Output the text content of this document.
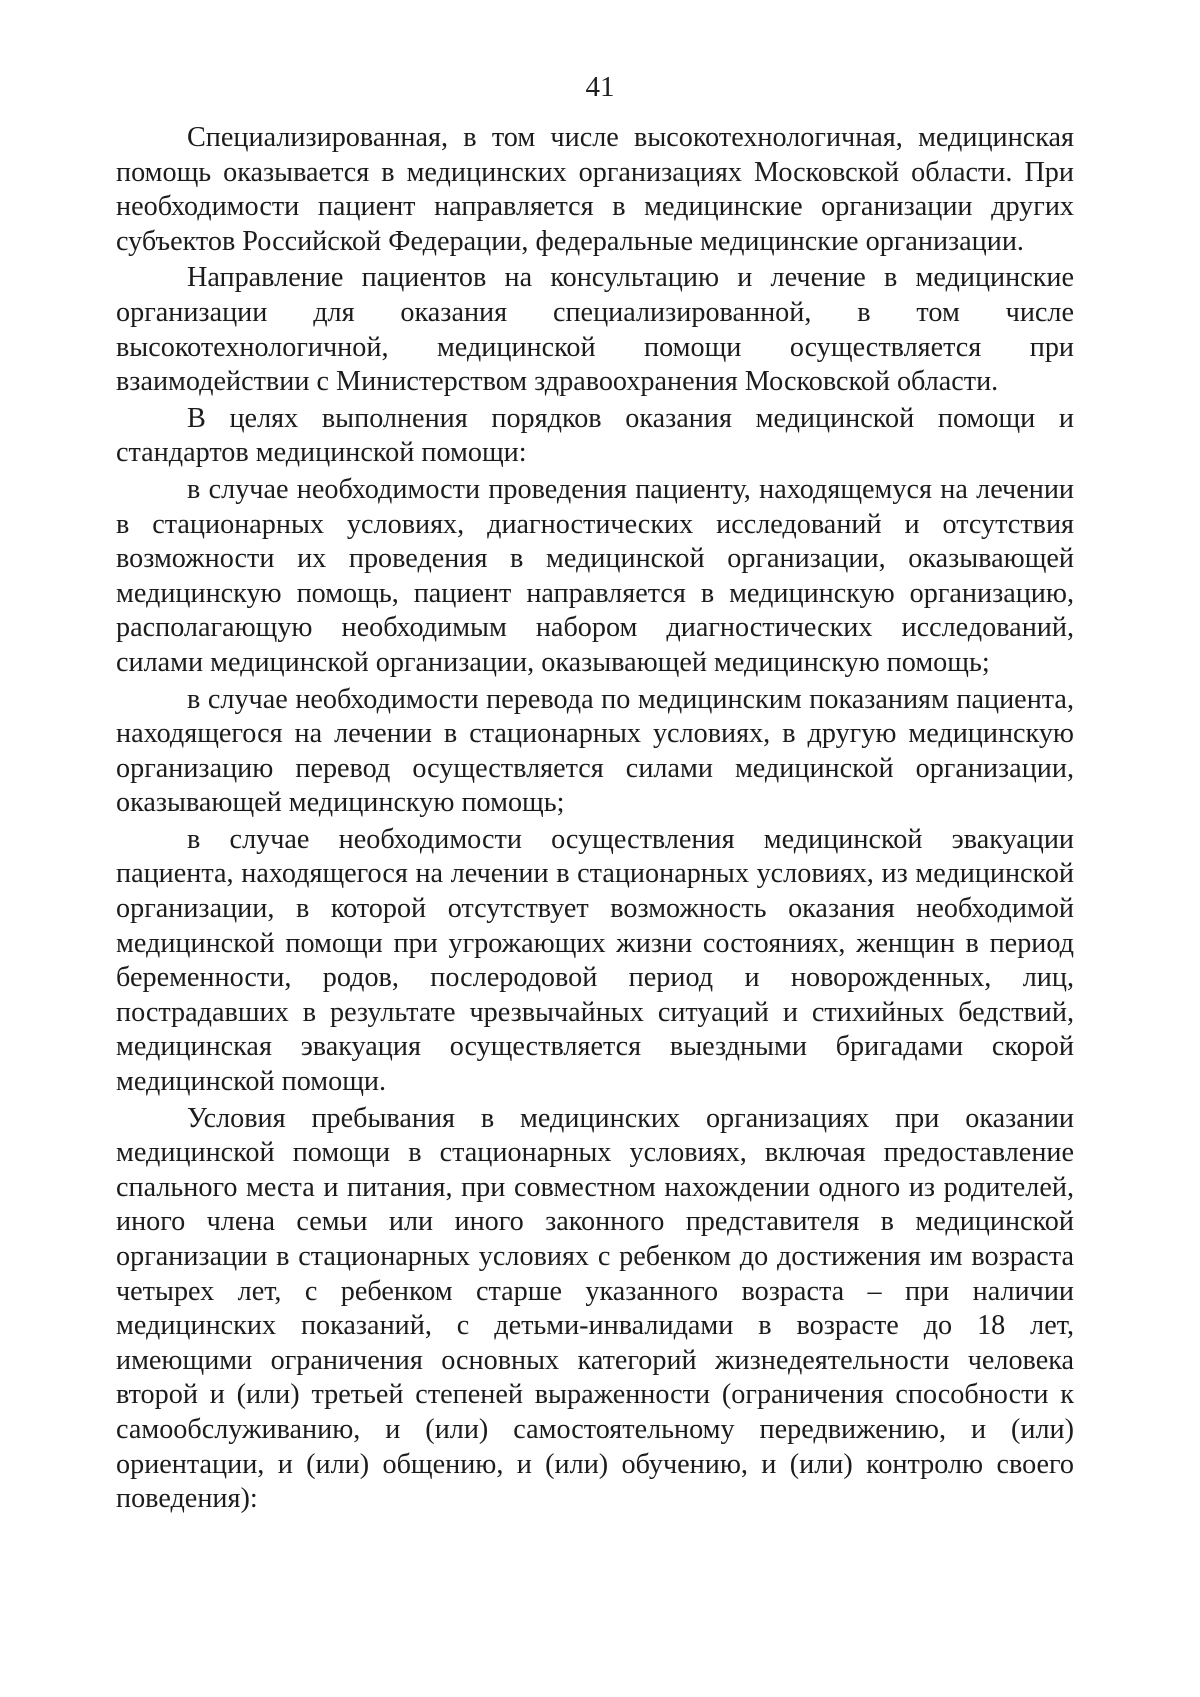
41

Специализированная, в том числе высокотехнологичная, медицинская помощь оказывается в медицинских организациях Московской области. При необходимости пациент направляется в медицинские организации других субъектов Российской Федерации, федеральные медицинские организации.

Направление пациентов на консультацию и лечение в медицинские организации для оказания специализированной, в том числе высокотехнологичной, медицинской помощи осуществляется при взаимодействии с Министерством здравоохранения Московской области.

В целях выполнения порядков оказания медицинской помощи и стандартов медицинской помощи:

в случае необходимости проведения пациенту, находящемуся на лечении в стационарных условиях, диагностических исследований и отсутствия возможности их проведения в медицинской организации, оказывающей медицинскую помощь, пациент направляется в медицинскую организацию, располагающую необходимым набором диагностических исследований, силами медицинской организации, оказывающей медицинскую помощь;

в случае необходимости перевода по медицинским показаниям пациента, находящегося на лечении в стационарных условиях, в другую медицинскую организацию перевод осуществляется силами медицинской организации, оказывающей медицинскую помощь;

в случае необходимости осуществления медицинской эвакуации пациента, находящегося на лечении в стационарных условиях, из медицинской организации, в которой отсутствует возможность оказания необходимой медицинской помощи при угрожающих жизни состояниях, женщин в период беременности, родов, послеродовой период и новорожденных, лиц, пострадавших в результате чрезвычайных ситуаций и стихийных бедствий, медицинская эвакуация осуществляется выездными бригадами скорой медицинской помощи.

Условия пребывания в медицинских организациях при оказании медицинской помощи в стационарных условиях, включая предоставление спального места и питания, при совместном нахождении одного из родителей, иного члена семьи или иного законного представителя в медицинской организации в стационарных условиях с ребенком до достижения им возраста четырех лет, с ребенком старше указанного возраста – при наличии медицинских показаний, с детьми-инвалидами в возрасте до 18 лет, имеющими ограничения основных категорий жизнедеятельности человека второй и (или) третьей степеней выраженности (ограничения способности к самообслуживанию, и (или) самостоятельному передвижению, и (или) ориентации, и (или) общению, и (или) обучению, и (или) контролю своего поведения):
